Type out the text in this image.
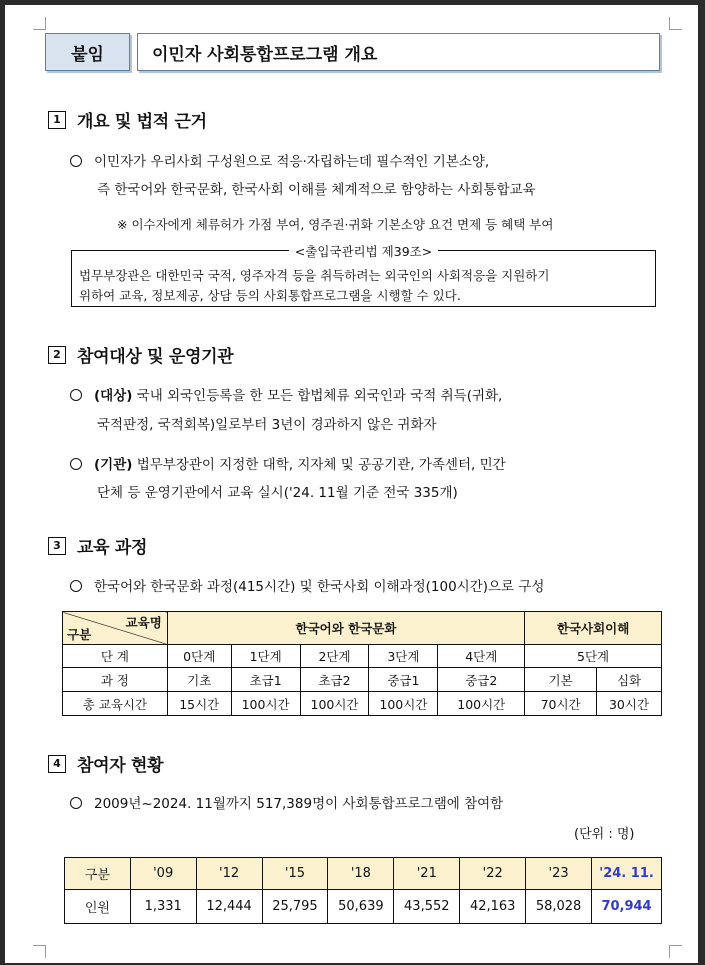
붙임	이민자 사회통합프로그램 개요
1 개요 및 법적 근거
이민자가 우리사회 구성원으로 적응·자립하는데 필수적인 기본소양,
즉 한국어와 한국문화, 한국사회 이해를 체계적으로 함양하는 사회통합교육
※ 이수자에게 체류허가 가점 부여, 영주권·귀화 기본소양 요건 면제 등 혜택 부여
<출입국관리법 제39조>
법무부장관은 대한민국 국적, 영주자격 등을 취득하려는 외국인의 사회적응을 지원하기
위하여 교육, 정보제공, 상담 등의 사회통합프로그램을 시행할 수 있다.
2 참여대상 및 운영기관
(대상) 국내 외국인등록을 한 모든 합법체류 외국인과 국적 취득(귀화,
국적판정, 국적회복)일로부터 3년이 경과하지 않은 귀화자
(기관) 법무부장관이 지정한 대학, 지자체 및 공공기관, 가족센터, 민간
단체 등 운영기관에서 교육 실시('24. 11월 기준 전국 335개)
3 교육 과정
한국어와 한국문화 과정(415시간) 및 한국사회 이해과정(100시간)으로 구성
교육명
구분	한국어와 한국문화					한국사회이해	
단 계	0단계	1단계	2단계	3단계	4단계	5단계	
과 정	기초	초급1	초급2	중급1	중급2	기본	심화
총 교육시간	15시간	100시간	100시간	100시간	100시간	70시간	30시간
4 참여자 현황
2009년~2024. 11월까지 517,389명이 사회통합프로그램에 참여함
(단위 : 명)
구분	'09	'12	'15	'18	'21	'22	'23	'24. 11.
인원	1,331	12,444	25,795	50,639	43,552	42,163	58,028	70,944
